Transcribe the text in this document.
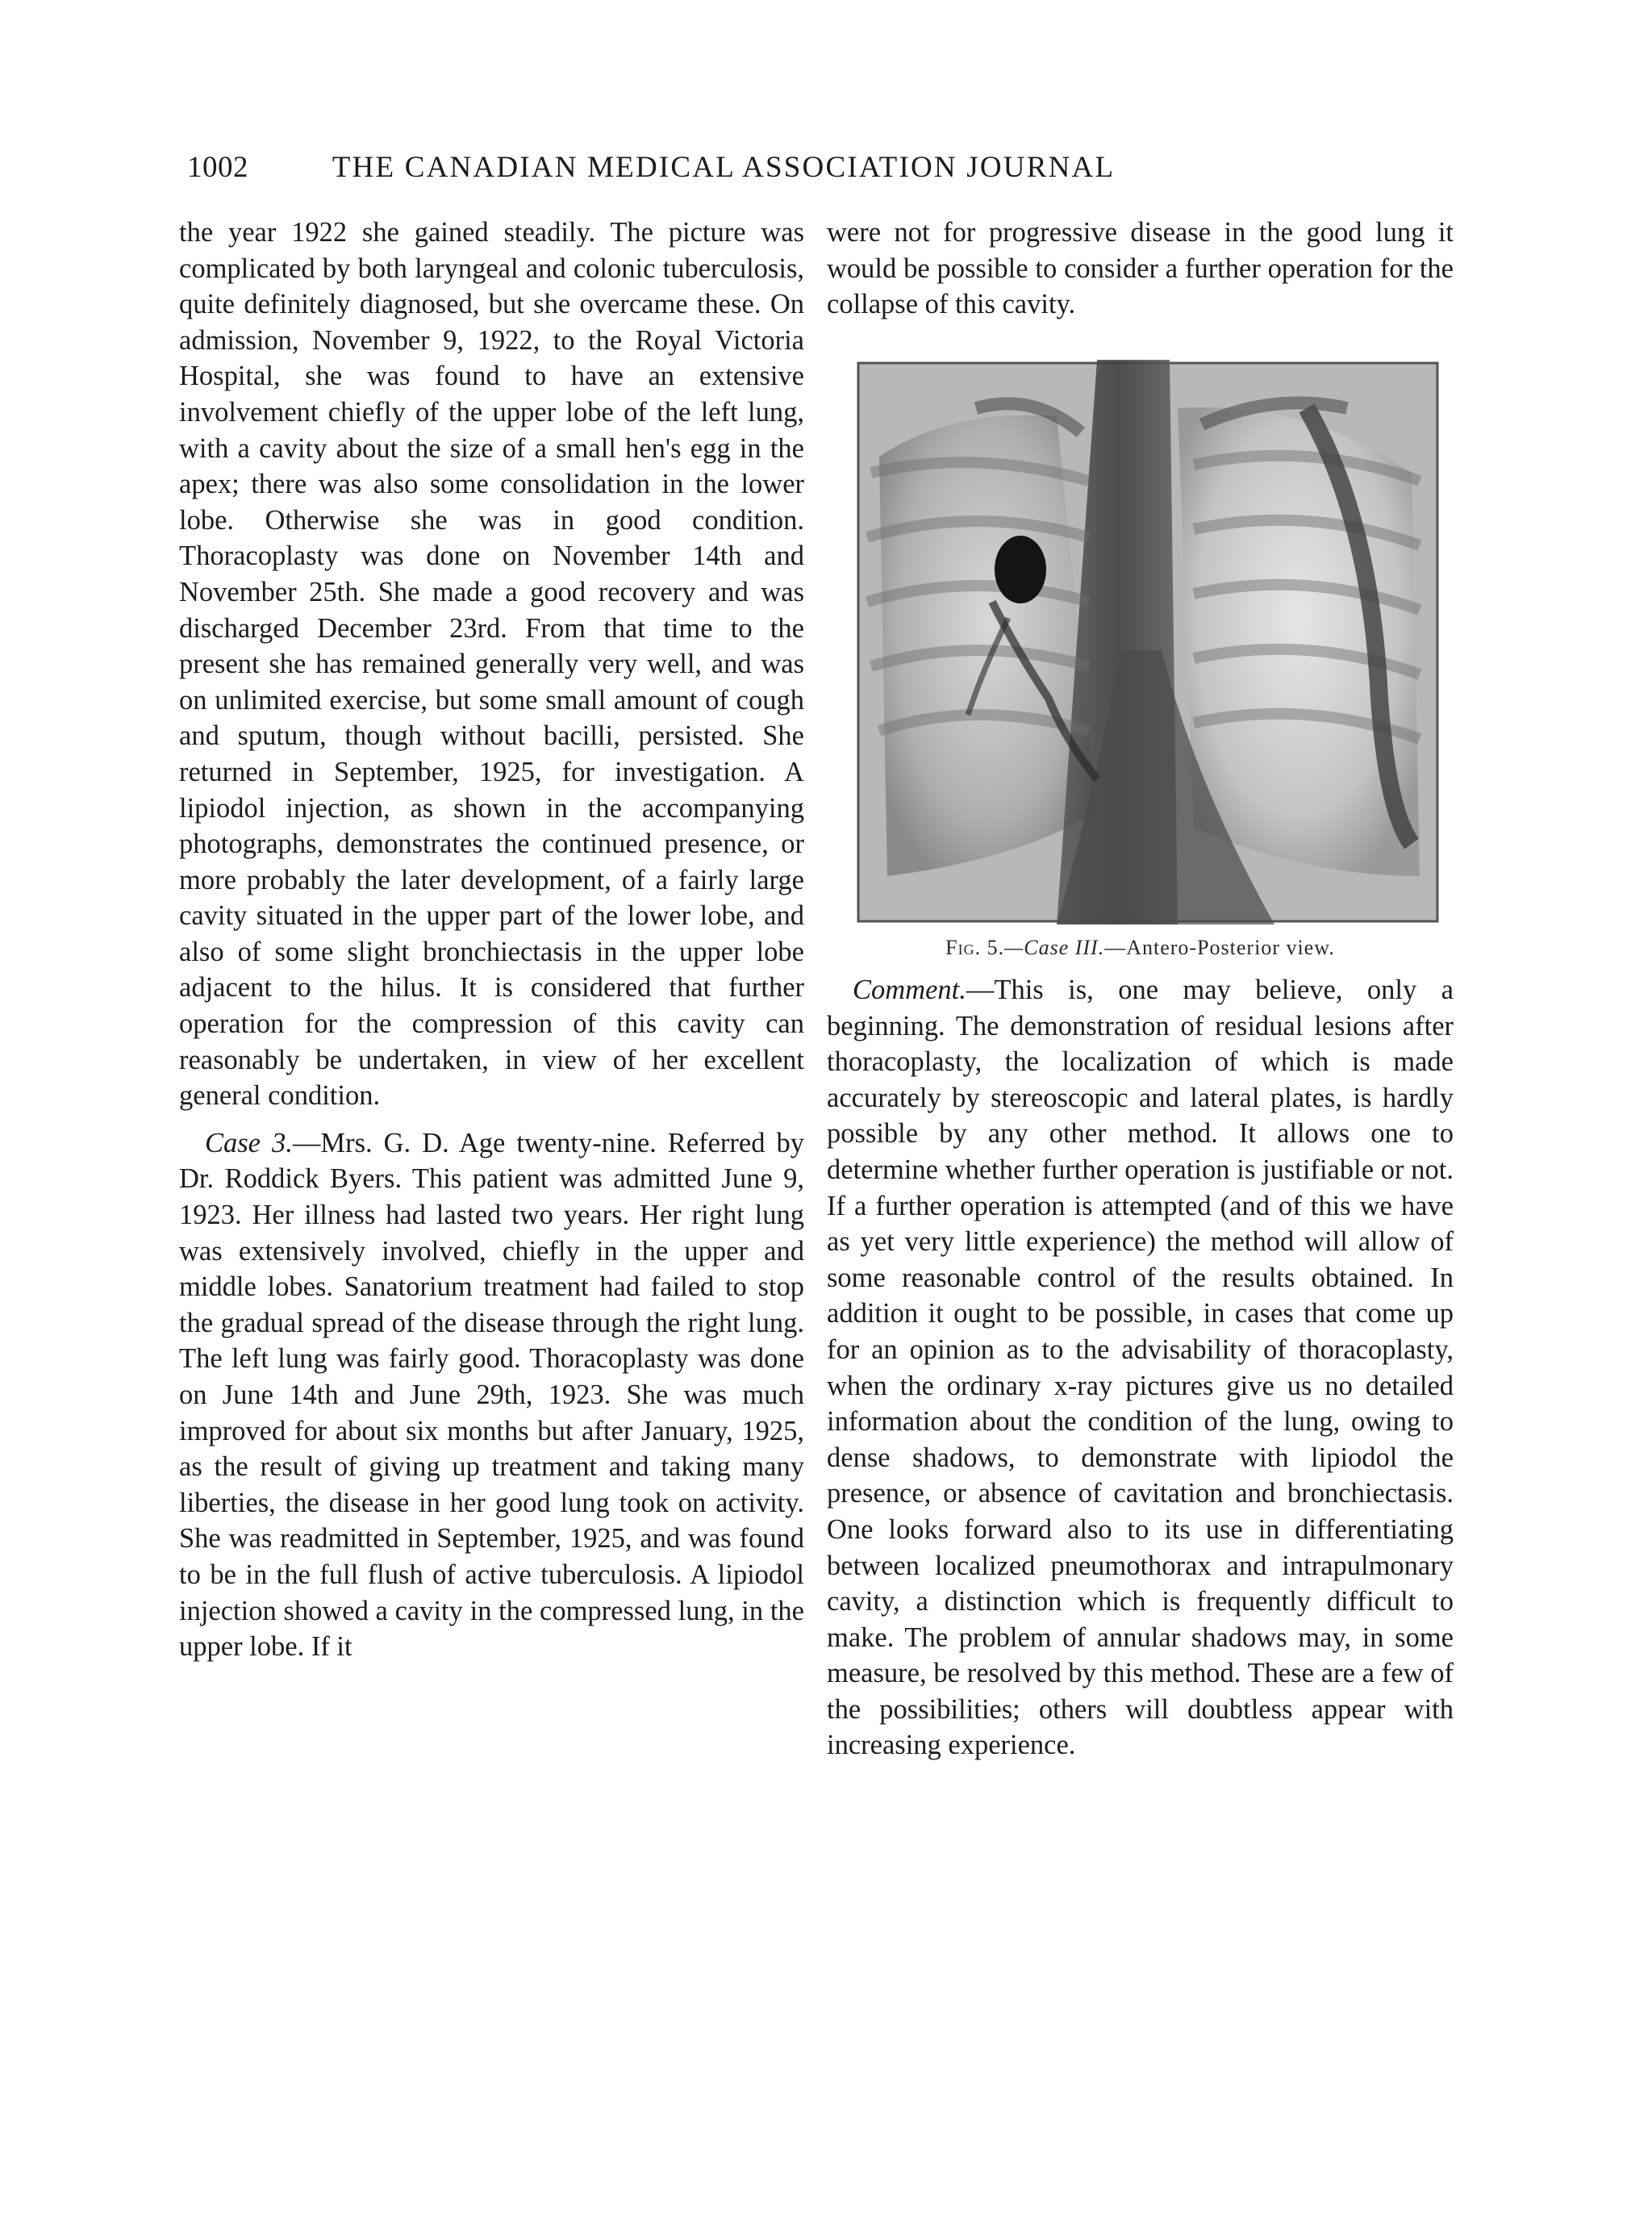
1002	THE CANADIAN MEDICAL ASSOCIATION JOURNAL

the year 1922 she gained steadily. The picture was complicated by both laryngeal and colonic tuberculosis, quite definitely diagnosed, but she overcame these. On admission, November 9, 1922, to the Royal Victoria Hospital, she was found to have an extensive involvement chiefly of the upper lobe of the left lung, with a cavity about the size of a small hen's egg in the apex; there was also some consolidation in the lower lobe. Otherwise she was in good condition. Thoracoplasty was done on November 14th and November 25th. She made a good recovery and was discharged December 23rd. From that time to the present she has remained generally very well, and was on unlimited exercise, but some small amount of cough and sputum, though without bacilli, persisted. She returned in September, 1925, for investigation. A lipiodol injection, as shown in the accompanying photographs, demonstrates the continued presence, or more probably the later development, of a fairly large cavity situated in the upper part of the lower lobe, and also of some slight bronchiectasis in the upper lobe adjacent to the hilus. It is considered that further operation for the compression of this cavity can reasonably be undertaken, in view of her excellent general condition.

Case 3.—Mrs. G. D. Age twenty-nine. Referred by Dr. Roddick Byers. This patient was admitted June 9, 1923. Her illness had lasted two years. Her right lung was extensively involved, chiefly in the upper and middle lobes. Sanatorium treatment had failed to stop the gradual spread of the disease through the right lung. The left lung was fairly good. Thoracoplasty was done on June 14th and June 29th, 1923. She was much improved for about six months but after January, 1925, as the result of giving up treatment and taking many liberties, the disease in her good lung took on activity. She was readmitted in September, 1925, and was found to be in the full flush of active tuberculosis. A lipiodol injection showed a cavity in the compressed lung, in the upper lobe. If it

were not for progressive disease in the good lung it would be possible to consider a further operation for the collapse of this cavity.

Fig. 5.—Case III.—Antero-Posterior view.

Comment.—This is, one may believe, only a beginning. The demonstration of residual lesions after thoracoplasty, the localization of which is made accurately by stereoscopic and lateral plates, is hardly possible by any other method. It allows one to determine whether further operation is justifiable or not. If a further operation is attempted (and of this we have as yet very little experience) the method will allow of some reasonable control of the results obtained. In addition it ought to be possible, in cases that come up for an opinion as to the advisability of thoracoplasty, when the ordinary x-ray pictures give us no detailed information about the condition of the lung, owing to dense shadows, to demonstrate with lipiodol the presence, or absence of cavitation and bronchiectasis. One looks forward also to its use in differentiating between localized pneumothorax and intrapulmonary cavity, a distinction which is frequently difficult to make. The problem of annular shadows may, in some measure, be resolved by this method. These are a few of the possibilities; others will doubtless appear with increasing experience.
